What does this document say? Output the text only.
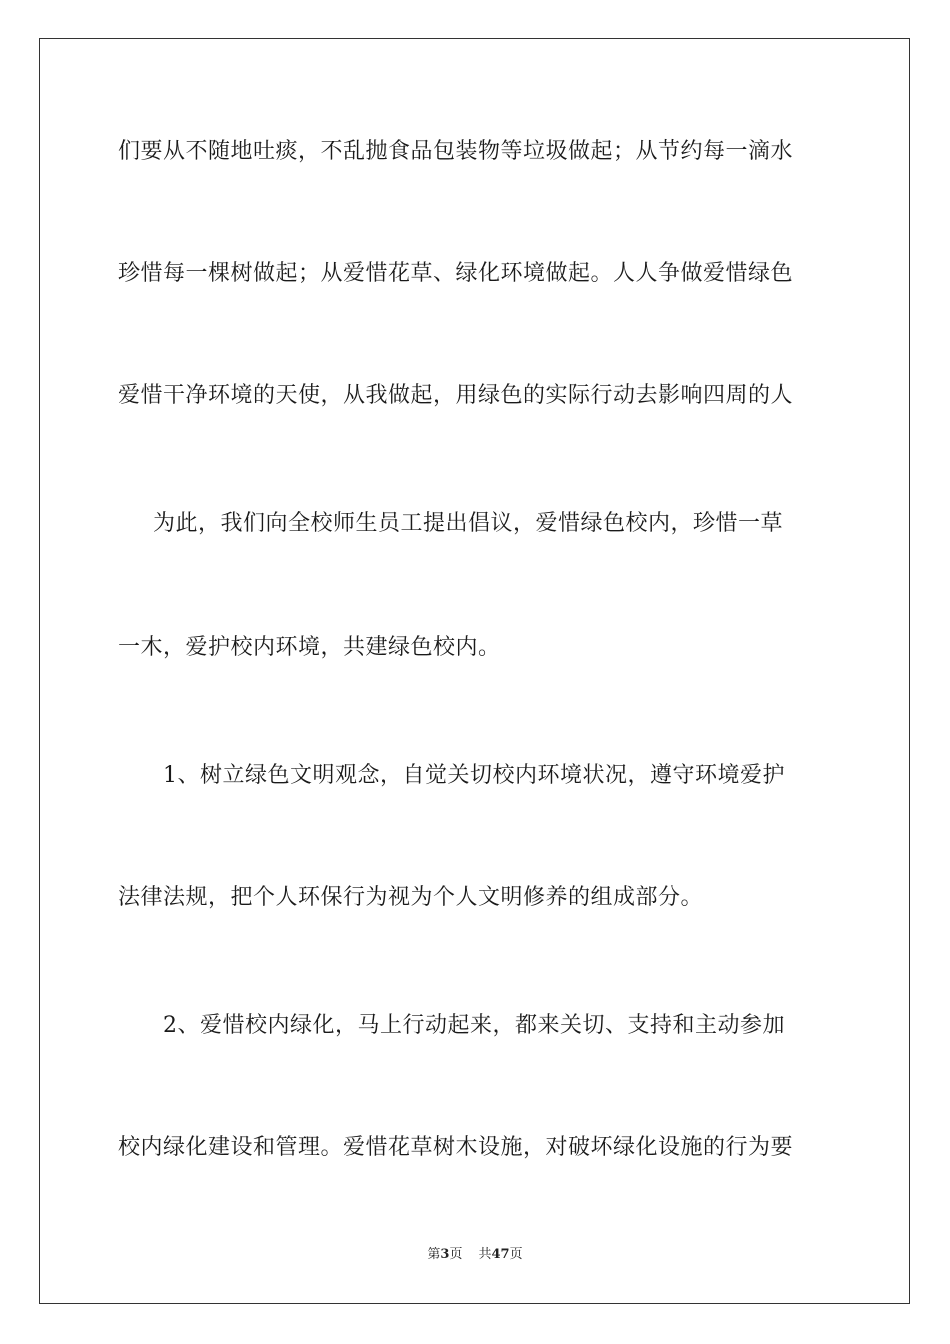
们要从不随地吐痰，不乱抛食品包装物等垃圾做起；从节约每一滴水
珍惜每一棵树做起；从爱惜花草、绿化环境做起。人人争做爱惜绿色
爱惜干净环境的天使，从我做起，用绿色的实际行动去影响四周的人
为此，我们向全校师生员工提出倡议，爱惜绿色校内，珍惜一草
一木，爱护校内环境，共建绿色校内。
1、树立绿色文明观念，自觉关切校内环境状况，遵守环境爱护
法律法规，把个人环保行为视为个人文明修养的组成部分。
2、爱惜校内绿化，马上行动起来，都来关切、支持和主动参加
校内绿化建设和管理。爱惜花草树木设施，对破坏绿化设施的行为要
第3页 共47页
